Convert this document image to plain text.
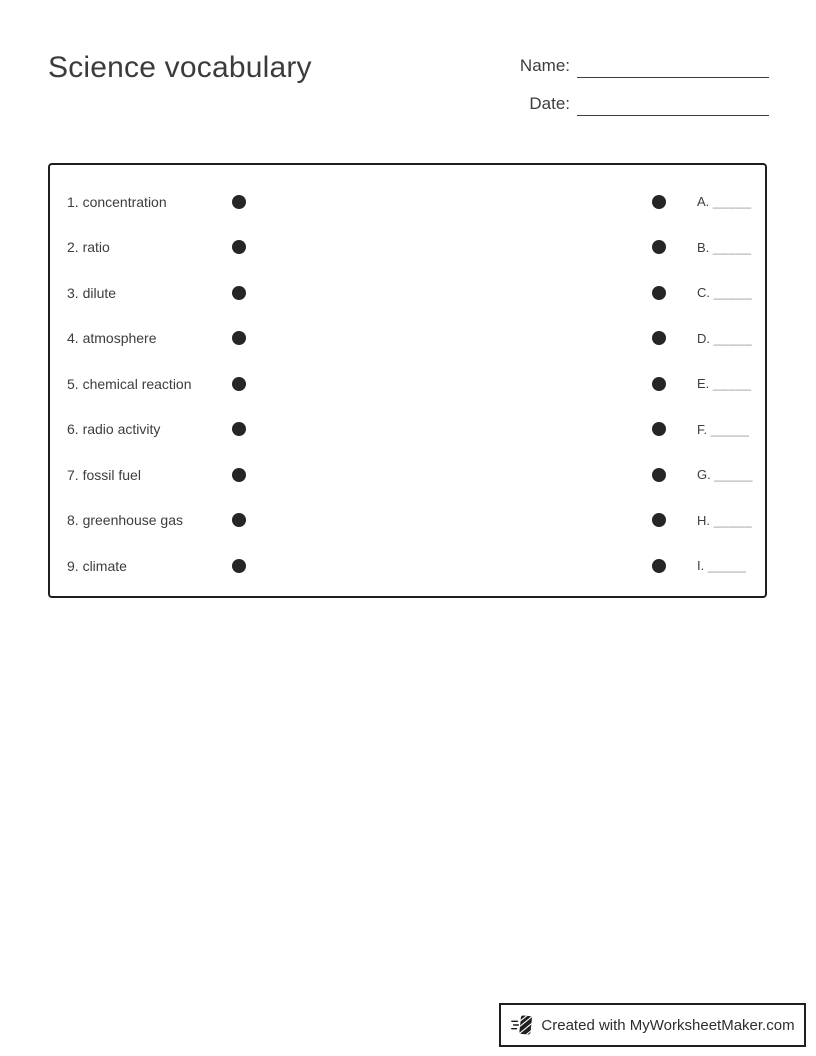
Science vocabulary	Name:
Date:
1. concentration	A. _____
2. ratio	B. _____
3. dilute	C. _____
4. atmosphere	D. _____
5. chemical reaction	E. _____
6. radio activity	F. _____
7. fossil fuel	G. _____
8. greenhouse gas	H. _____
9. climate	I. _____
Created with MyWorksheetMaker.com
